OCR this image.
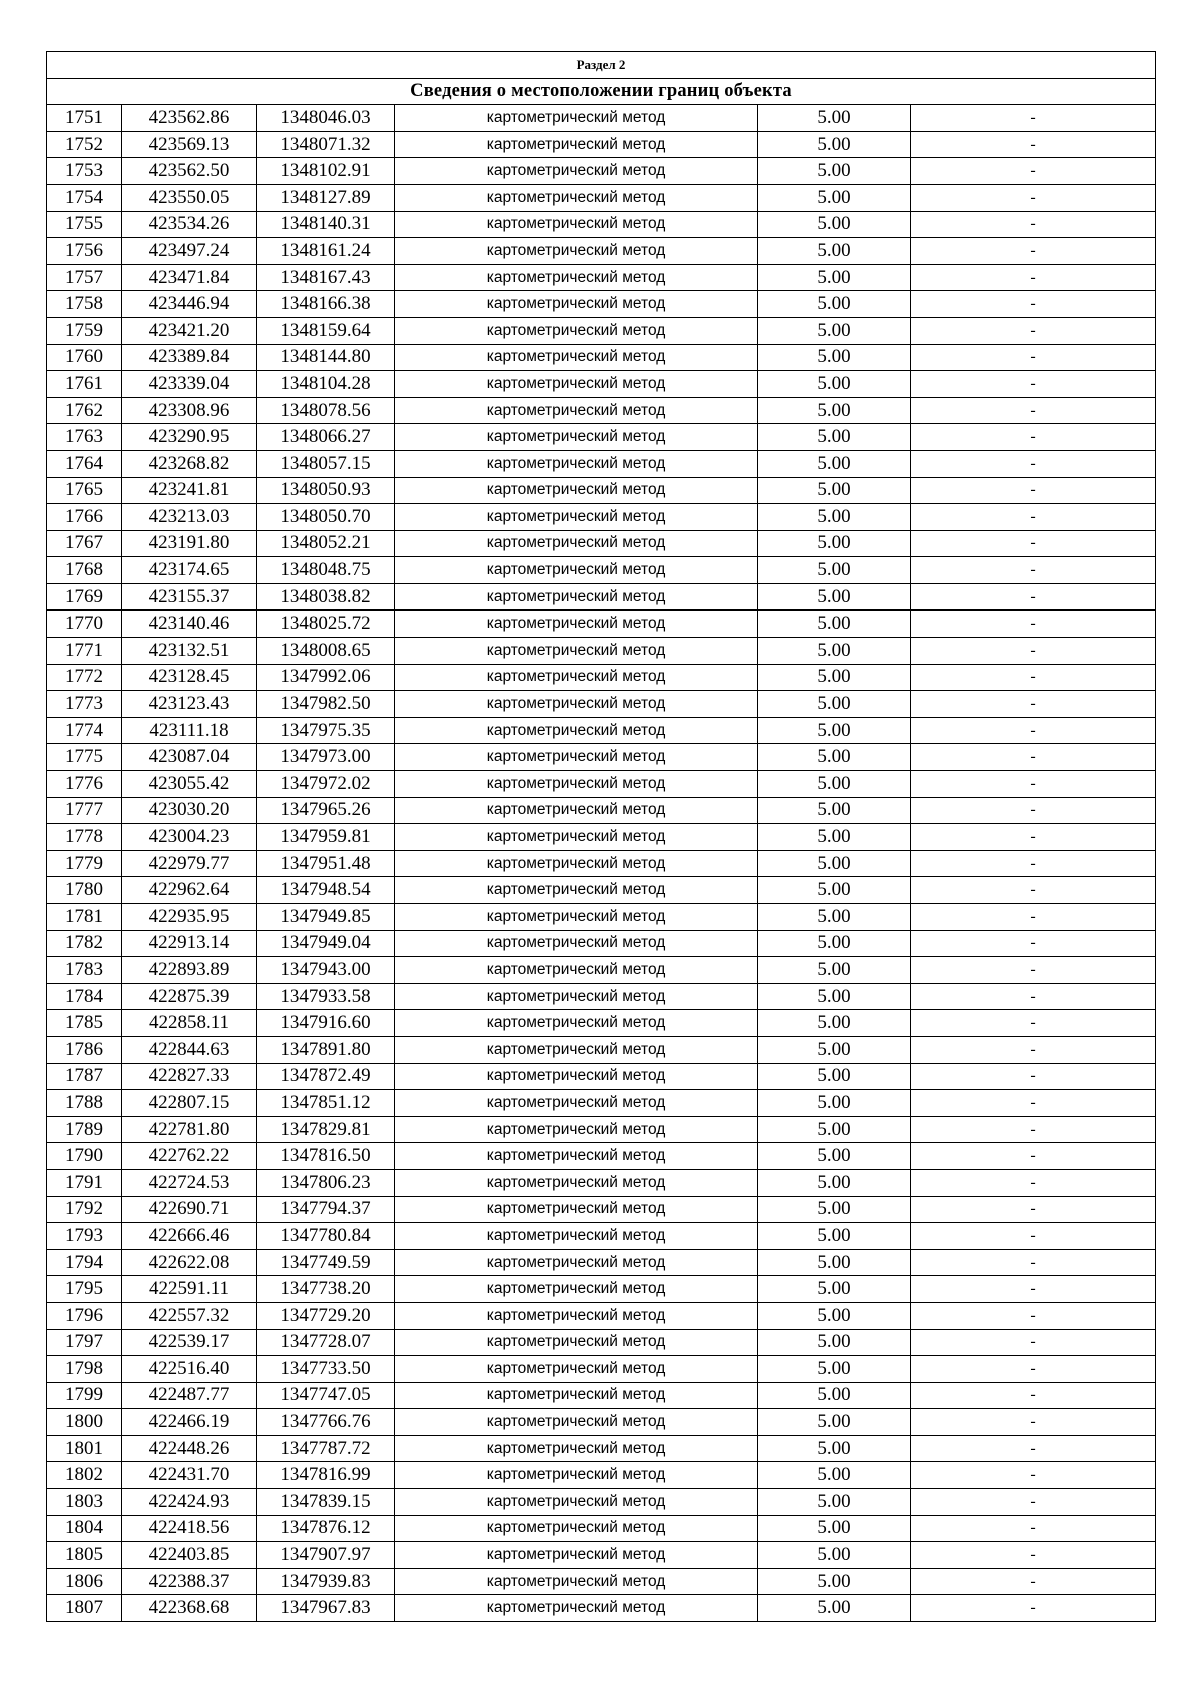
Раздел 2					
Сведения о местоположении границ объекта					
1751	423562.86	1348046.03	картометрический метод	5.00	-
1752	423569.13	1348071.32	картометрический метод	5.00	-
1753	423562.50	1348102.91	картометрический метод	5.00	-
1754	423550.05	1348127.89	картометрический метод	5.00	-
1755	423534.26	1348140.31	картометрический метод	5.00	-
1756	423497.24	1348161.24	картометрический метод	5.00	-
1757	423471.84	1348167.43	картометрический метод	5.00	-
1758	423446.94	1348166.38	картометрический метод	5.00	-
1759	423421.20	1348159.64	картометрический метод	5.00	-
1760	423389.84	1348144.80	картометрический метод	5.00	-
1761	423339.04	1348104.28	картометрический метод	5.00	-
1762	423308.96	1348078.56	картометрический метод	5.00	-
1763	423290.95	1348066.27	картометрический метод	5.00	-
1764	423268.82	1348057.15	картометрический метод	5.00	-
1765	423241.81	1348050.93	картометрический метод	5.00	-
1766	423213.03	1348050.70	картометрический метод	5.00	-
1767	423191.80	1348052.21	картометрический метод	5.00	-
1768	423174.65	1348048.75	картометрический метод	5.00	-
1769	423155.37	1348038.82	картометрический метод	5.00	-
1770	423140.46	1348025.72	картометрический метод	5.00	-
1771	423132.51	1348008.65	картометрический метод	5.00	-
1772	423128.45	1347992.06	картометрический метод	5.00	-
1773	423123.43	1347982.50	картометрический метод	5.00	-
1774	423111.18	1347975.35	картометрический метод	5.00	-
1775	423087.04	1347973.00	картометрический метод	5.00	-
1776	423055.42	1347972.02	картометрический метод	5.00	-
1777	423030.20	1347965.26	картометрический метод	5.00	-
1778	423004.23	1347959.81	картометрический метод	5.00	-
1779	422979.77	1347951.48	картометрический метод	5.00	-
1780	422962.64	1347948.54	картометрический метод	5.00	-
1781	422935.95	1347949.85	картометрический метод	5.00	-
1782	422913.14	1347949.04	картометрический метод	5.00	-
1783	422893.89	1347943.00	картометрический метод	5.00	-
1784	422875.39	1347933.58	картометрический метод	5.00	-
1785	422858.11	1347916.60	картометрический метод	5.00	-
1786	422844.63	1347891.80	картометрический метод	5.00	-
1787	422827.33	1347872.49	картометрический метод	5.00	-
1788	422807.15	1347851.12	картометрический метод	5.00	-
1789	422781.80	1347829.81	картометрический метод	5.00	-
1790	422762.22	1347816.50	картометрический метод	5.00	-
1791	422724.53	1347806.23	картометрический метод	5.00	-
1792	422690.71	1347794.37	картометрический метод	5.00	-
1793	422666.46	1347780.84	картометрический метод	5.00	-
1794	422622.08	1347749.59	картометрический метод	5.00	-
1795	422591.11	1347738.20	картометрический метод	5.00	-
1796	422557.32	1347729.20	картометрический метод	5.00	-
1797	422539.17	1347728.07	картометрический метод	5.00	-
1798	422516.40	1347733.50	картометрический метод	5.00	-
1799	422487.77	1347747.05	картометрический метод	5.00	-
1800	422466.19	1347766.76	картометрический метод	5.00	-
1801	422448.26	1347787.72	картометрический метод	5.00	-
1802	422431.70	1347816.99	картометрический метод	5.00	-
1803	422424.93	1347839.15	картометрический метод	5.00	-
1804	422418.56	1347876.12	картометрический метод	5.00	-
1805	422403.85	1347907.97	картометрический метод	5.00	-
1806	422388.37	1347939.83	картометрический метод	5.00	-
1807	422368.68	1347967.83	картометрический метод	5.00	-
